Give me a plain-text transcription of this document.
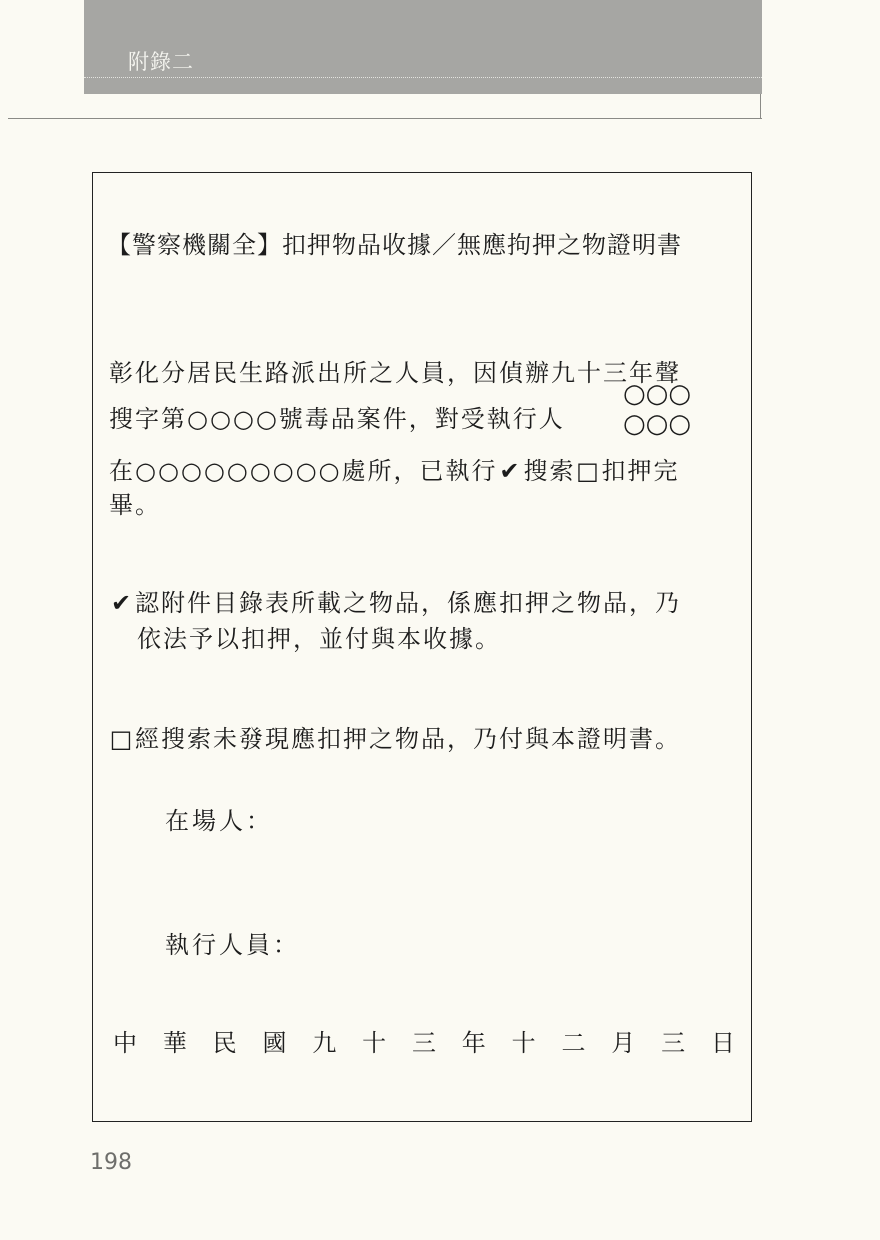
附錄二
【警察機關全】扣押物品收據／無應拘押之物證明書
彰化分居民生路派出所之人員，因偵辦九十三年聲
搜字第○○○○號毒品案件，對受執行人
○○○
○○○
在○○○○○○○○○處所，已執行✔搜索□扣押完
畢。
✔認附件目錄表所載之物品，係應扣押之物品，乃
依法予以扣押，並付與本收據。
□經搜索未發現應扣押之物品，乃付與本證明書。
在場人：
執行人員：
中 華 民 國 九 十 三 年 十 二 月 三 日
198
